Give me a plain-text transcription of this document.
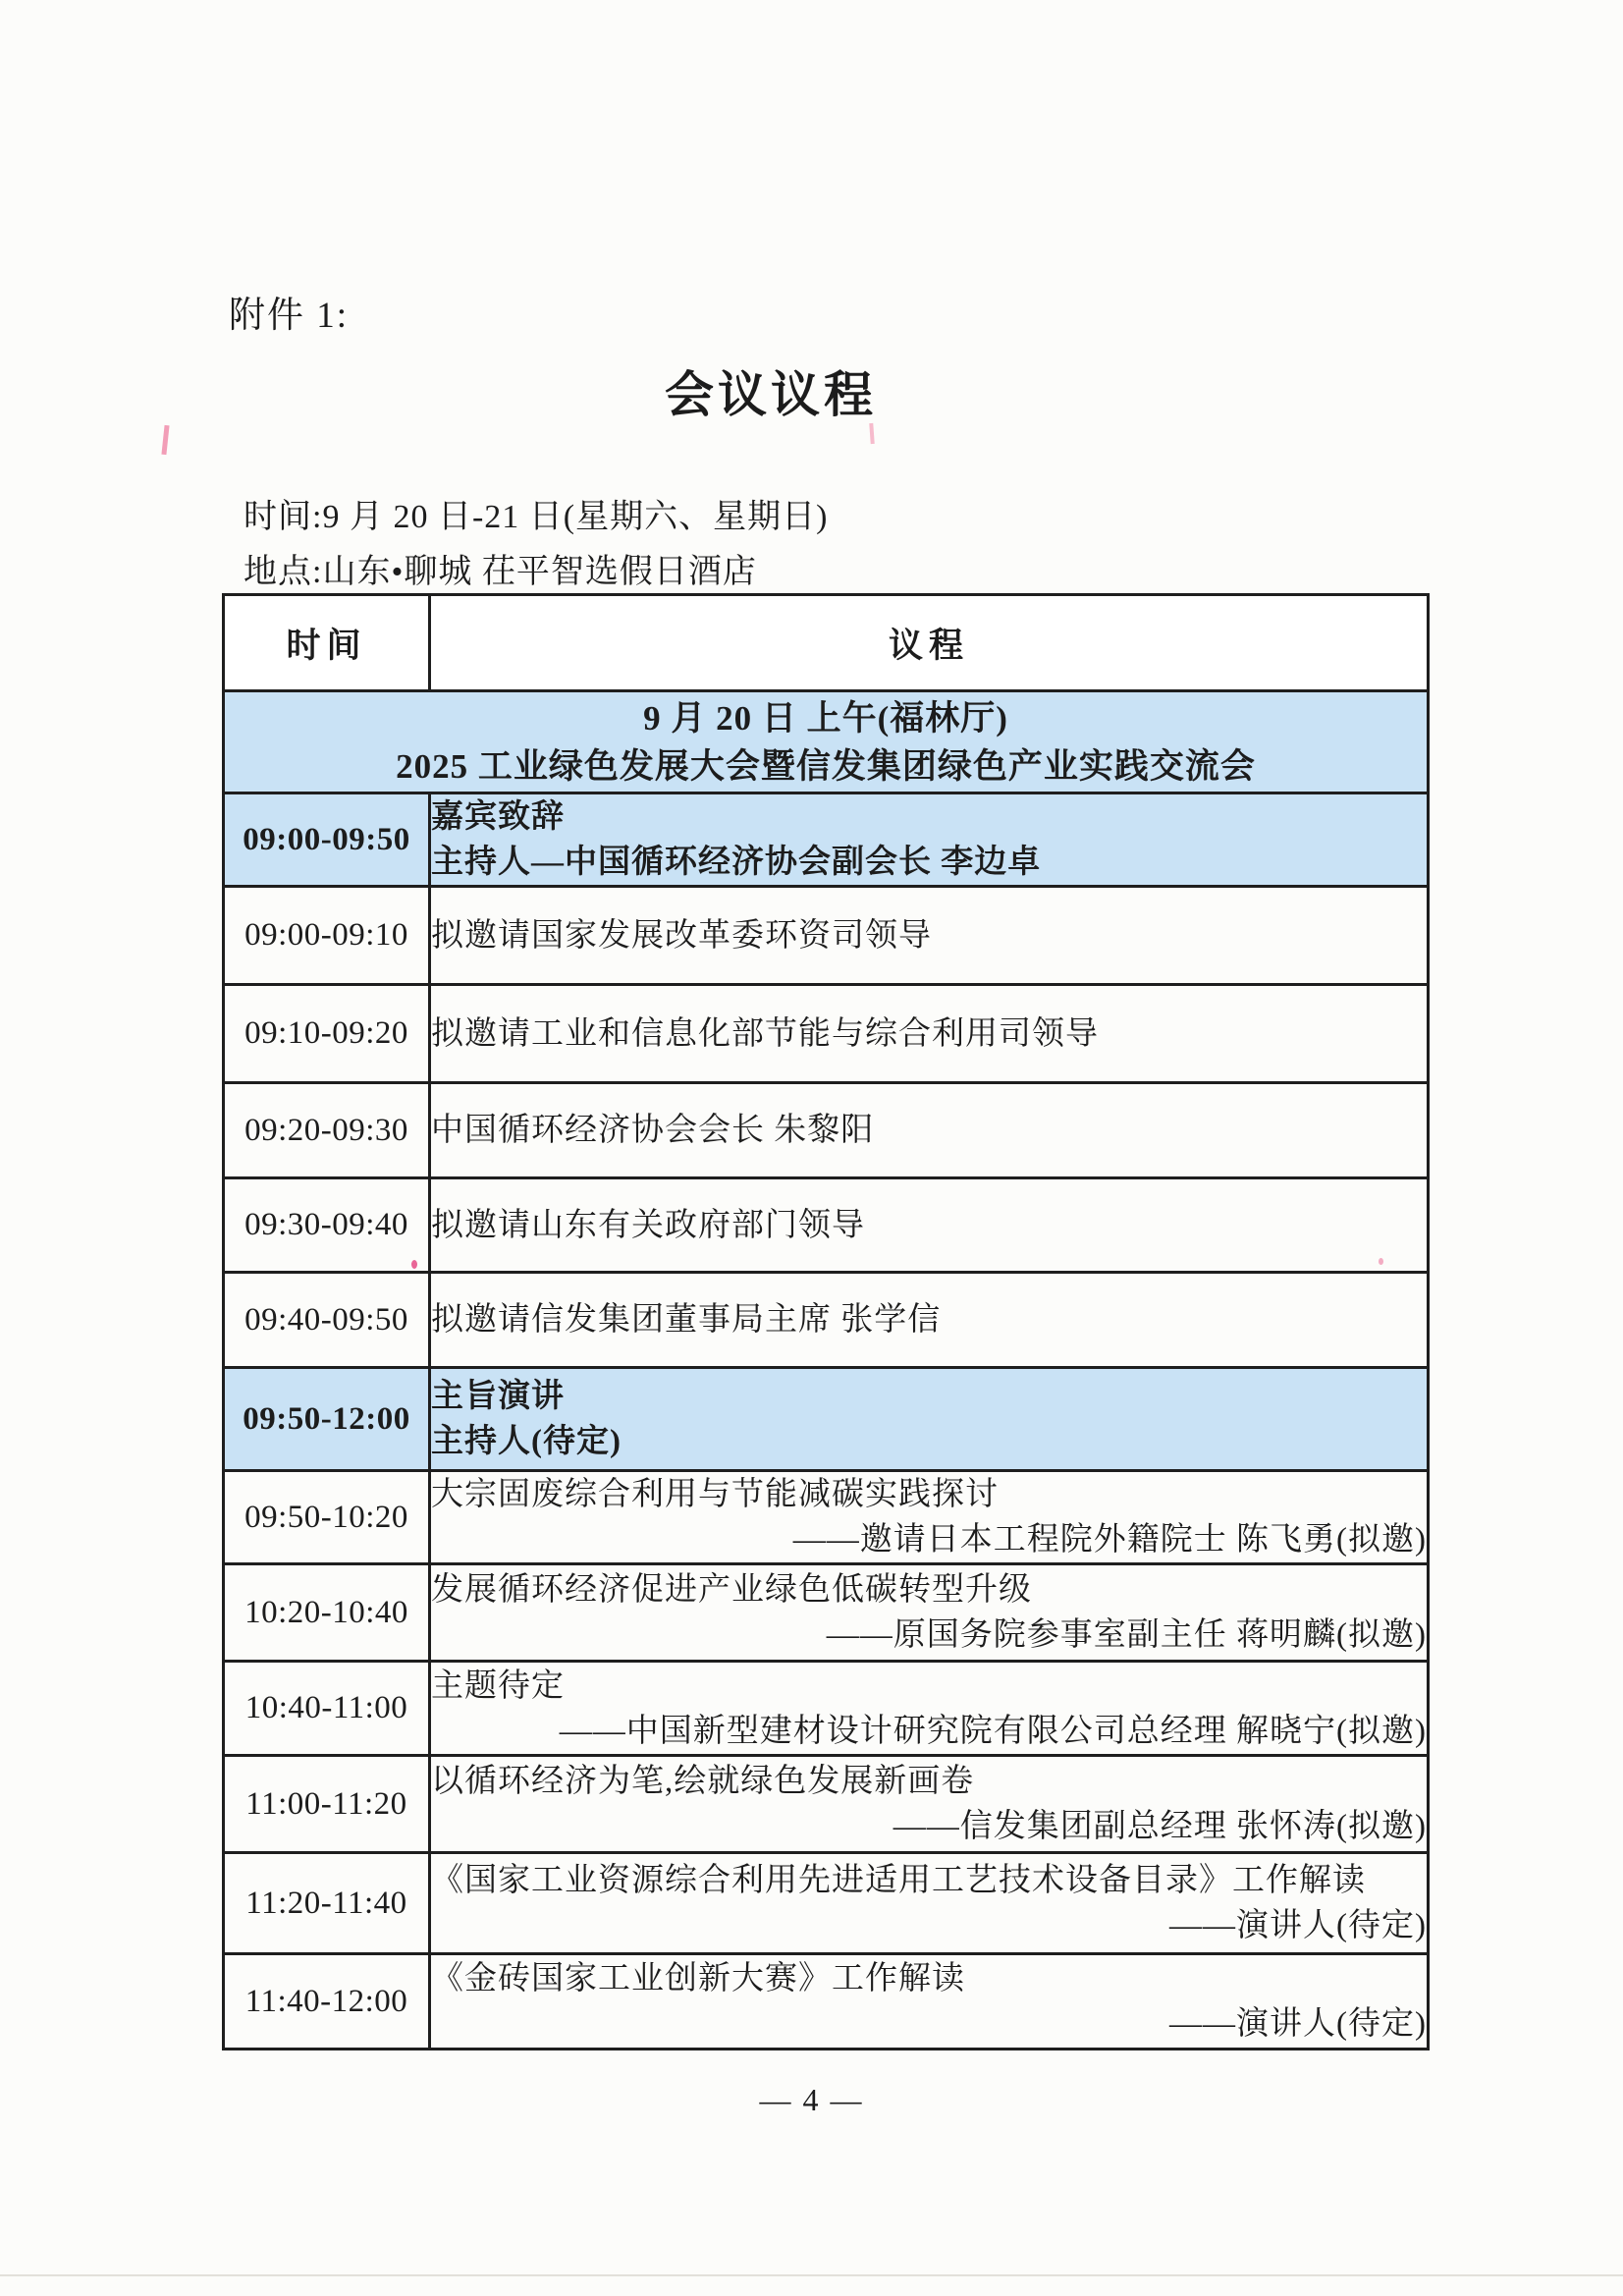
附件 1:
会议议程
时间:9 月 20 日-21 日(星期六、星期日)
地点:山东•聊城 茌平智选假日酒店
时间	议程

9 月 20 日 上午(福林厅)
2025 工业绿色发展大会暨信发集团绿色产业实践交流会	

09:00-09:50	嘉宾致辞
主持人—中国循环经济协会副会长 李边卓

09:00-09:10	拟邀请国家发展改革委环资司领导

09:10-09:20	拟邀请工业和信息化部节能与综合利用司领导

09:20-09:30	中国循环经济协会会长 朱黎阳

09:30-09:40	拟邀请山东有关政府部门领导

09:40-09:50	拟邀请信发集团董事局主席 张学信

09:50-12:00	主旨演讲
主持人(待定)

09:50-10:20	大宗固废综合利用与节能减碳实践探讨
——邀请日本工程院外籍院士 陈飞勇(拟邀)

10:20-10:40	发展循环经济促进产业绿色低碳转型升级
——原国务院参事室副主任 蒋明麟(拟邀)

10:40-11:00	主题待定
——中国新型建材设计研究院有限公司总经理 解晓宁(拟邀)

11:00-11:20	以循环经济为笔,绘就绿色发展新画卷
——信发集团副总经理 张怀涛(拟邀)

11:20-11:40	《国家工业资源综合利用先进适用工艺技术设备目录》工作解读
——演讲人(待定)

11:40-12:00	《金砖国家工业创新大赛》工作解读
——演讲人(待定)
— 4 —
